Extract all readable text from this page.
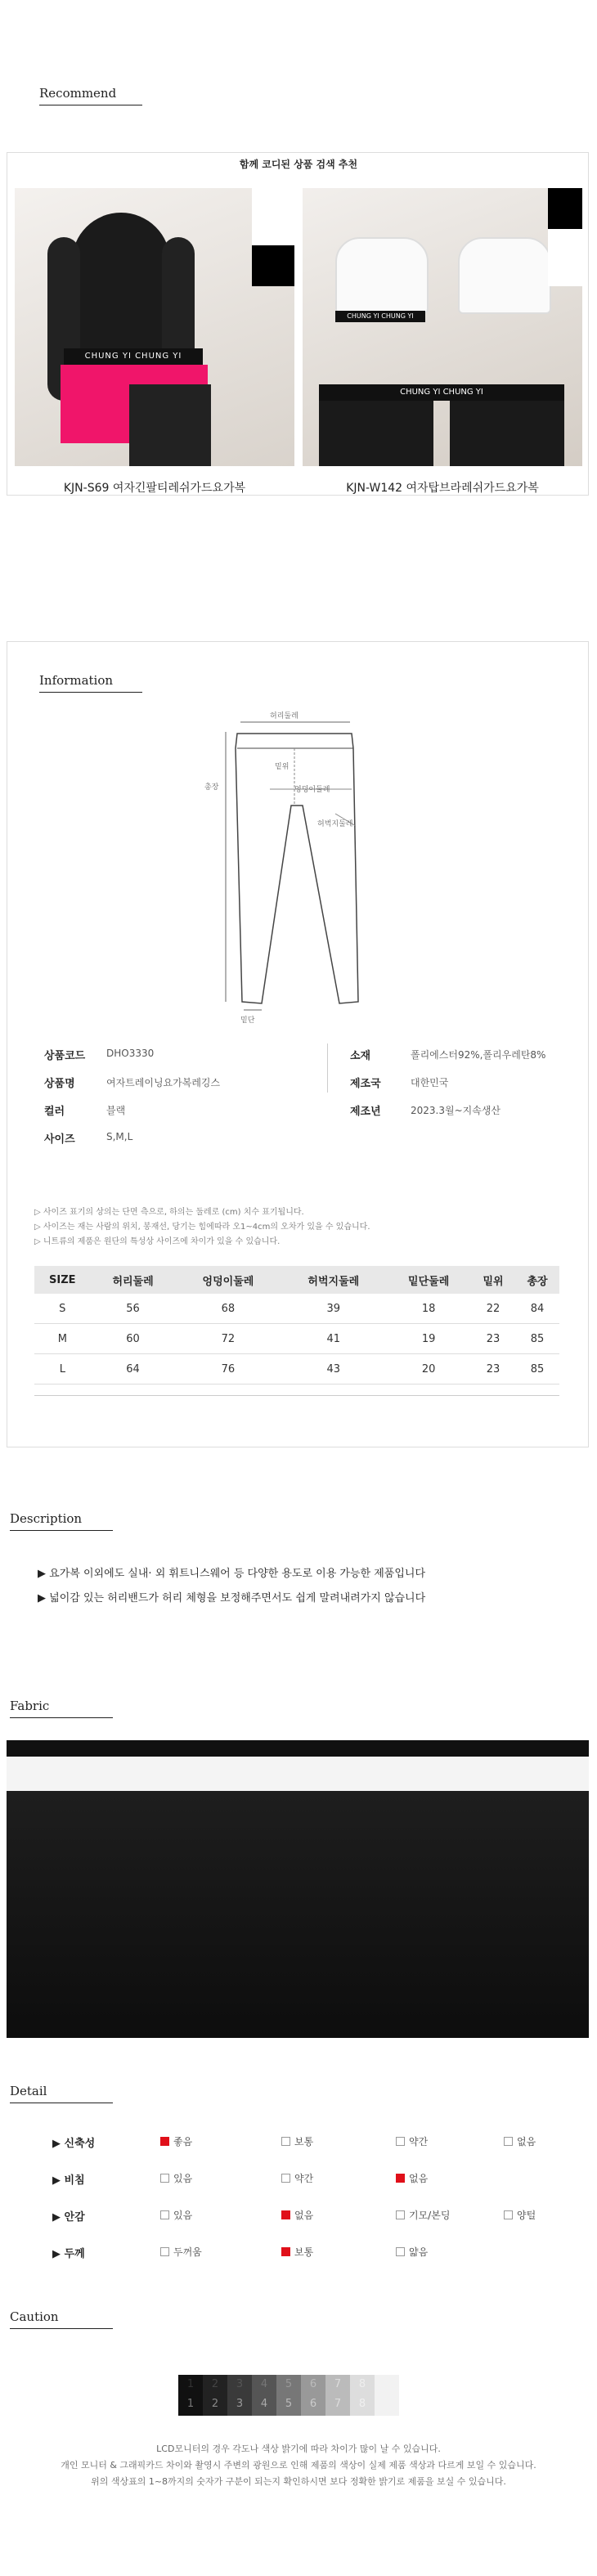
Recommend
함께 코디된 상품 검색 추천
CHUNG YI CHUNG YI
KJN-S69 여자긴팔티레쉬가드요가복
CHUNG YI CHUNG YI
CHUNG YI CHUNG YI
KJN-W142 여자탑브라레쉬가드요가복
Information
허리둘레
총장
밑위
엉덩이둘레
허벅지둘레
밑단
상품코드 DHO3330
상품명	여자트레이닝요가복레깅스
컬러	블랙
사이즈	S,M,L
소재	폴리에스터92%,폴리우레탄8%
제조국	대한민국
제조년	2023.3월~지속생산
▷ 사이즈 표기의 상의는 단면 측으로, 하의는 둘레로 (cm) 치수 표기됩니다.
▷ 사이즈는 재는 사람의 위치, 봉재선, 당기는 힘에따라 오1~4cm의 오차가 있을 수 있습니다.
▷ 니트류의 제품은 원단의 특성상 사이즈에 차이가 있을 수 있습니다.
SIZE	허리둘레	엉덩이둘레	허벅지둘레	밑단둘레	밑위	총장
S	56	68	39	18	22	84
M	60	72	41	19	23	85
L	64	76	43	20	23	85
Description
▶ 요가복 이외에도 실내· 외 휘트니스웨어 등 다양한 용도로 이용 가능한 제품입니다
▶ 넓이감 있는 허리밴드가 허리 체형을 보정해주면서도 쉽게 말려내려가지 않습니다
Fabric
Detail
▶ 신축성	좋음	보통	약간	없음
▶ 비침	있음	약간	없음
▶ 안감	있음	없음	기모/본딩	양털
▶ 두께	두꺼움	보통	얇음
Caution
1
1
2
2
3
3
4
4
5
5
6
6
7
7
8
8
LCD모니터의 경우 각도나 색상 밝기에 따라 차이가 많이 날 수 있습니다.
개인 모니터 & 그래픽카드 차이와 촬영시 주변의 광원으로 인해 제품의 색상이 실제 제품 색상과 다르게 보일 수 있습니다.
위의 색상표의 1~8까지의 숫자가 구분이 되는지 확인하시면 보다 정확한 밝기로 제품을 보실 수 있습니다.
